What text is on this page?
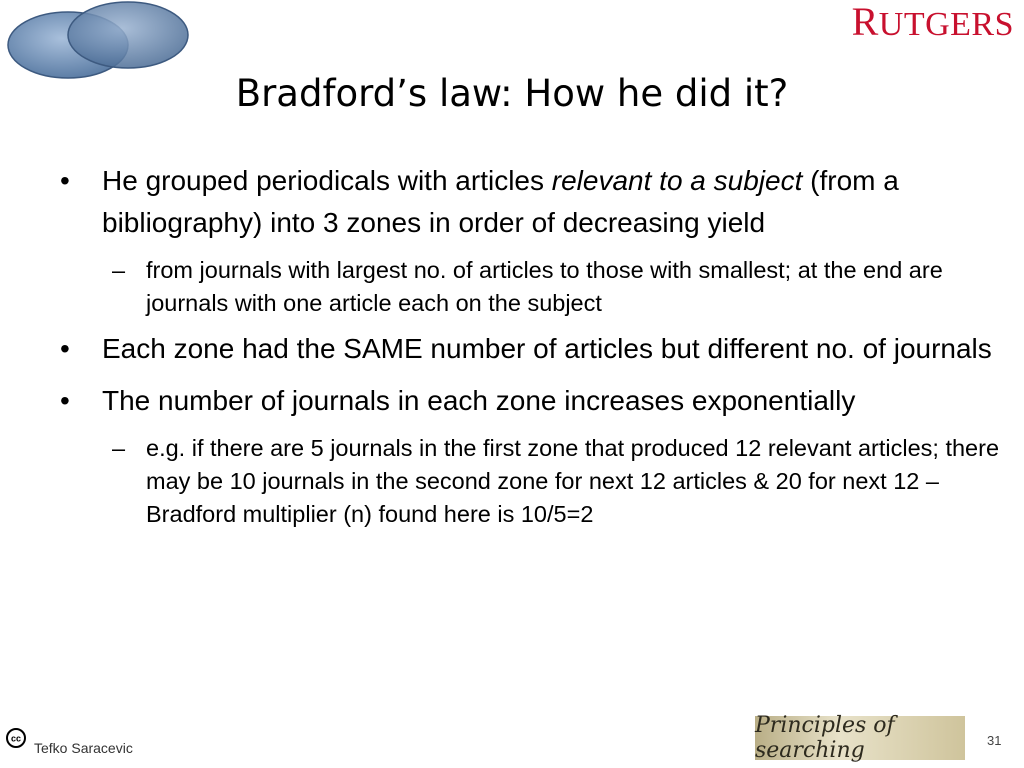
RUTGERS
Bradford’s law: How he did it?
• He grouped periodicals with articles relevant to a subject (from a bibliography) into 3 zones in order of decreasing yield
– from journals with largest no. of articles to those with smallest; at the end are journals with one article each on the subject
• Each zone had the SAME number of articles but different no. of journals
• The number of journals in each zone increases exponentially
– e.g. if there are 5 journals in the first zone that produced 12 relevant articles; there may be 10 journals in the second zone for next 12 articles & 20 for next 12 – Bradford multiplier (n) found here is 10/5=2
cc
Tefko Saracevic
Principles of searching	31
